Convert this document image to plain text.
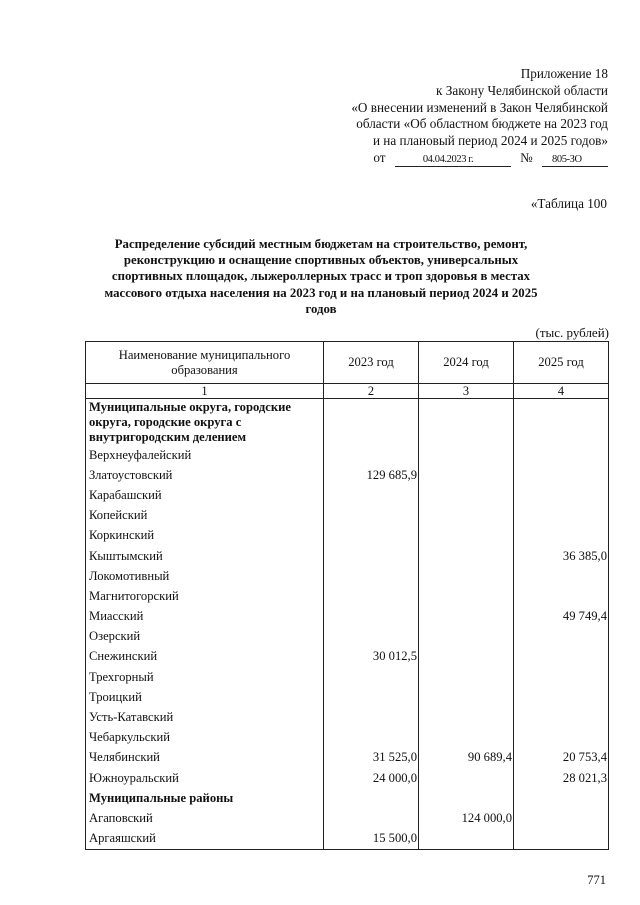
Приложение 18
к Закону Челябинской области
«О внесении изменений в Закон Челябинской
области «Об областном бюджете на 2023 год
и на плановый период 2024 и 2025 годов»
от	04.04.2023 г.	№ 805-ЗО
«Таблица 100
Распределение субсидий местным бюджетам на строительство, ремонт, реконструкцию и оснащение спортивных объектов, универсальных спортивных площадок, лыжероллерных трасс и троп здоровья в местах массового отдыха населения на 2023 год и на плановый период 2024 и 2025 годов
(тыс. рублей)
Наименование муниципального образования	2023 год	2024 год	2025 год
1	2	3	4
Муниципальные округа, городские округа, городские округа с внутригородским делением			
Верхнеуфалейский			
Златоустовский	129 685,9		
Карабашский			
Копейский			
Коркинский			
Кыштымский			36 385,0
Локомотивный			
Магнитогорский			
Миасский			49 749,4
Озерский			
Снежинский	30 012,5		
Трехгорный			
Троицкий			
Усть-Катавский			
Чебаркульский			
Челябинский	31 525,0	90 689,4	20 753,4
Южноуральский	24 000,0		28 021,3
Муниципальные районы			
Агаповский		124 000,0	
Аргаяшский	15 500,0		
771
